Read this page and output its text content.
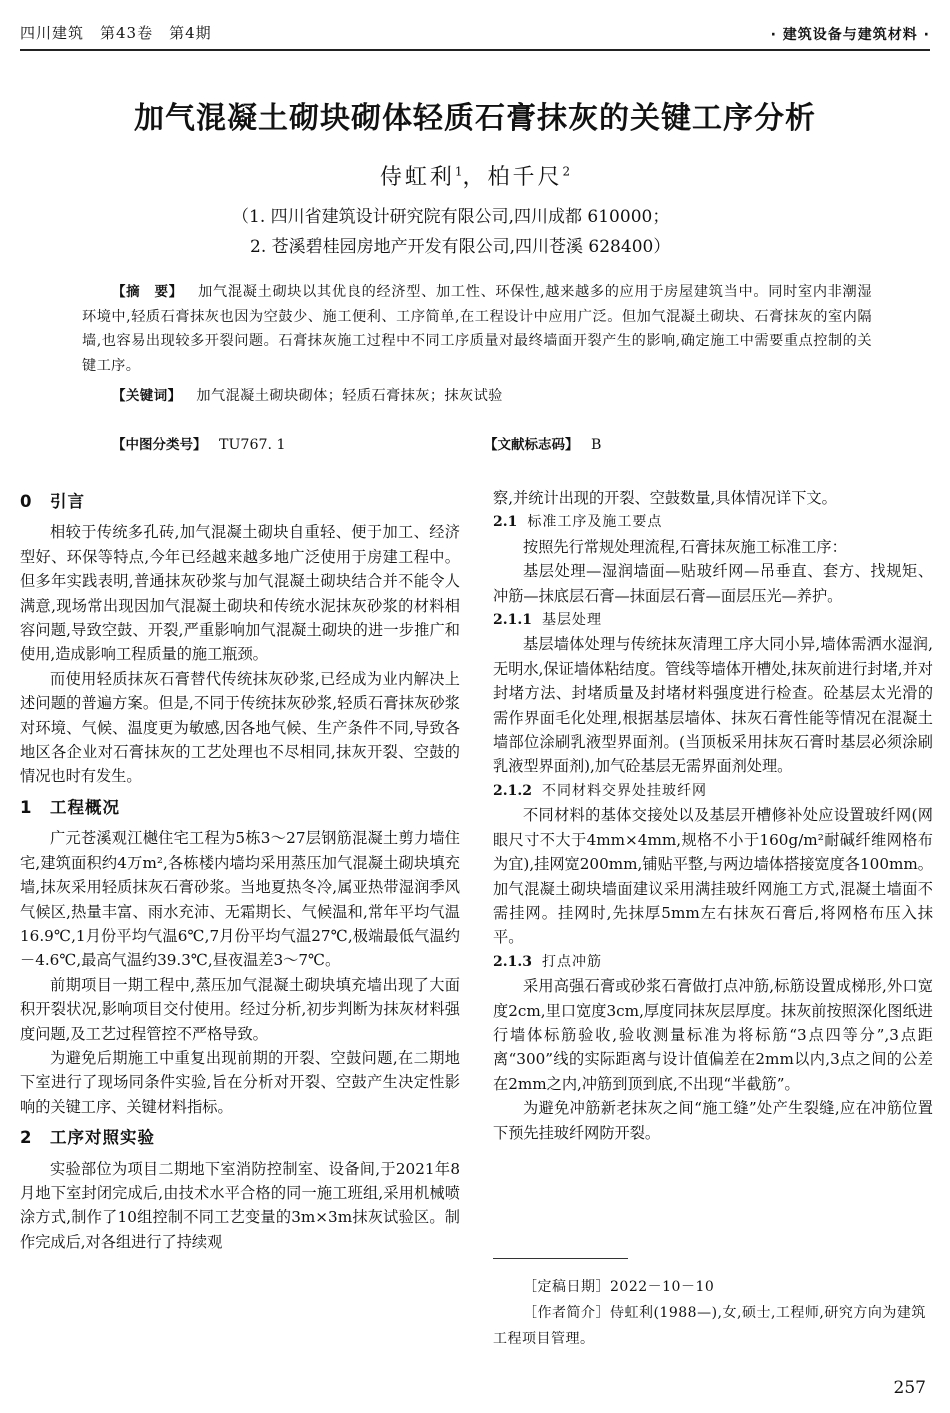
四川建筑　第43卷　第4期	· 建筑设备与建筑材料 ·
加气混凝土砌块砌体轻质石膏抹灰的关键工序分析
侍虹利$^1$，柏千尺$^2$
（1. 四川省建筑设计研究院有限公司,四川成都 610000；
2. 苍溪碧桂园房地产开发有限公司,四川苍溪 628400）
【摘　要】 加气混凝土砌块以其优良的经济型、加工性、环保性,越来越多的应用于房屋建筑当中。同时室内非潮湿环境中,轻质石膏抹灰也因为空鼓少、施工便利、工序简单,在工程设计中应用广泛。但加气混凝土砌块、石膏抹灰的室内隔墙,也容易出现较多开裂问题。石膏抹灰施工过程中不同工序质量对最终墙面开裂产生的影响,确定施工中需要重点控制的关键工序。
【关键词】 加气混凝土砌块砌体；轻质石膏抹灰；抹灰试验
【中图分类号】 TU767. 1	【文献标志码】 B
0　引言

相较于传统多孔砖,加气混凝土砌块自重轻、便于加工、经济型好、环保等特点,今年已经越来越多地广泛使用于房建工程中。但多年实践表明,普通抹灰砂浆与加气混凝土砌块结合并不能令人满意,现场常出现因加气混凝土砌块和传统水泥抹灰砂浆的材料相容问题,导致空鼓、开裂,严重影响加气混凝土砌块的进一步推广和使用,造成影响工程质量的施工瓶颈。

而使用轻质抹灰石膏替代传统抹灰砂浆,已经成为业内解决上述问题的普遍方案。但是,不同于传统抹灰砂浆,轻质石膏抹灰砂浆对环境、气候、温度更为敏感,因各地气候、生产条件不同,导致各地区各企业对石膏抹灰的工艺处理也不尽相同,抹灰开裂、空鼓的情况也时有发生。

1　工程概况

广元苍溪观江樾住宅工程为5栋3～27层钢筋混凝土剪力墙住宅,建筑面积约4万m²,各栋楼内墙均采用蒸压加气混凝土砌块填充墙,抹灰采用轻质抹灰石膏砂浆。当地夏热冬冷,属亚热带湿润季风气候区,热量丰富、雨水充沛、无霜期长、气候温和,常年平均气温16.9℃,1月份平均气温6℃,7月份平均气温27℃,极端最低气温约－4.6℃,最高气温约39.3℃,昼夜温差3～7℃。

前期项目一期工程中,蒸压加气混凝土砌块填充墙出现了大面积开裂状况,影响项目交付使用。经过分析,初步判断为抹灰材料强度问题,及工艺过程管控不严格导致。

为避免后期施工中重复出现前期的开裂、空鼓问题,在二期地下室进行了现场同条件实验,旨在分析对开裂、空鼓产生决定性影响的关键工序、关键材料指标。

2　工序对照实验

实验部位为项目二期地下室消防控制室、设备间,于2021年8月地下室封闭完成后,由技术水平合格的同一施工班组,采用机械喷涂方式,制作了10组控制不同工艺变量的3m×3m抹灰试验区。制作完成后,对各组进行了持续观

察,并统计出现的开裂、空鼓数量,具体情况详下文。

2.1 标准工序及施工要点

按照先行常规处理流程,石膏抹灰施工标准工序：

基层处理—湿润墙面—贴玻纤网—吊垂直、套方、找规矩、冲筋—抹底层石膏—抹面层石膏—面层压光—养护。

2.1.1 基层处理

基层墙体处理与传统抹灰清理工序大同小异,墙体需洒水湿润,无明水,保证墙体粘结度。管线等墙体开槽处,抹灰前进行封堵,并对封堵方法、封堵质量及封堵材料强度进行检查。砼基层太光滑的需作界面毛化处理,根据基层墙体、抹灰石膏性能等情况在混凝土墙部位涂刷乳液型界面剂。(当顶板采用抹灰石膏时基层必须涂刷乳液型界面剂),加气砼基层无需界面剂处理。

2.1.2 不同材料交界处挂玻纤网

不同材料的基体交接处以及基层开槽修补处应设置玻纤网(网眼尺寸不大于4mm×4mm,规格不小于160g/m²耐碱纤维网格布为宜),挂网宽200mm,铺贴平整,与两边墙体搭接宽度各100mm。加气混凝土砌块墙面建议采用满挂玻纤网施工方式,混凝土墙面不需挂网。挂网时,先抹厚5mm左右抹灰石膏后,将网格布压入抹平。

2.1.3 打点冲筋

采用高强石膏或砂浆石膏做打点冲筋,标筋设置成梯形,外口宽度2cm,里口宽度3cm,厚度同抹灰层厚度。抹灰前按照深化图纸进行墙体标筋验收,验收测量标准为将标筋“3点四等分”,3点距离“300”线的实际距离与设计值偏差在2mm以内,3点之间的公差在2mm之内,冲筋到顶到底,不出现“半截筋”。

为避免冲筋新老抹灰之间“施工缝”处产生裂缝,应在冲筋位置下预先挂玻纤网防开裂。

［定稿日期］2022－10－10
［作者简介］侍虹利(1988—),女,硕士,工程师,研究方向为建筑工程项目管理。
257
